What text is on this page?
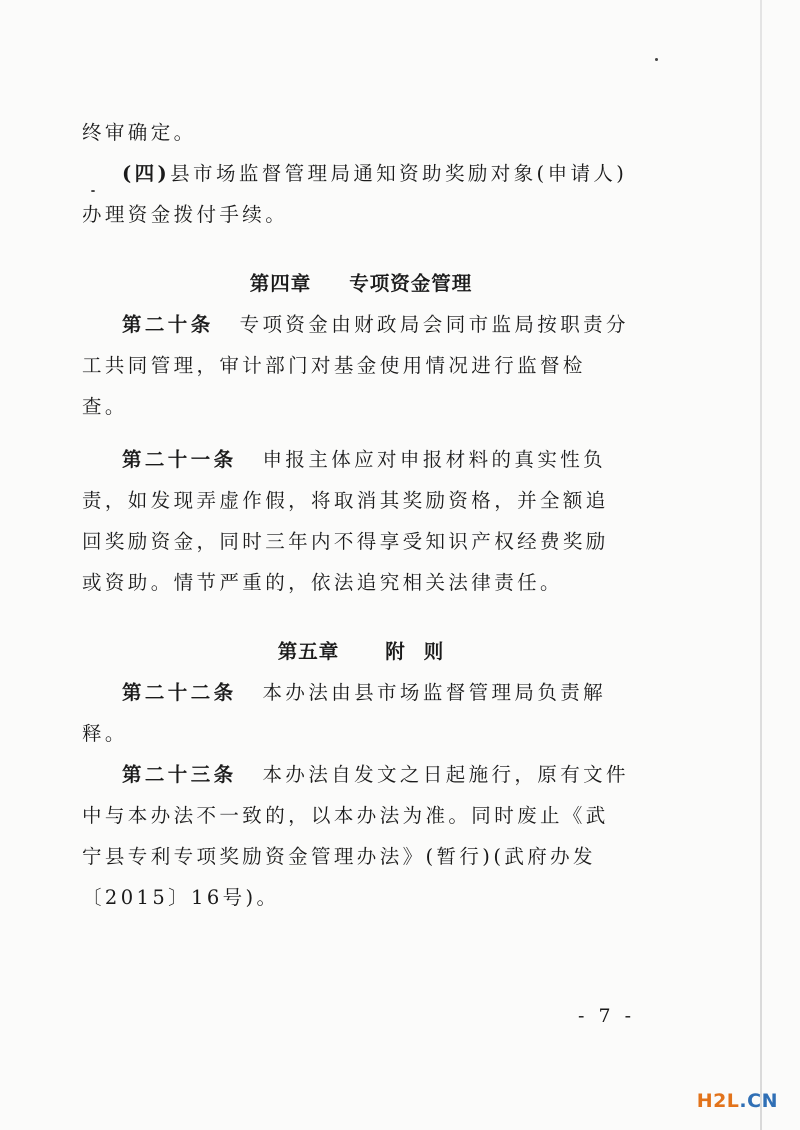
终审确定。

(四)县市场监督管理局通知资助奖励对象(申请人)办理资金拨付手续。

第四章 专项资金管理

第二十条 专项资金由财政局会同市监局按职责分工共同管理，审计部门对基金使用情况进行监督检查。

第二十一条 申报主体应对申报材料的真实性负责，如发现弄虚作假，将取消其奖励资格，并全额追回奖励资金，同时三年内不得享受知识产权经费奖励或资助。情节严重的，依法追究相关法律责任。

第五章 附 则

第二十二条 本办法由县市场监督管理局负责解释。

第二十三条 本办法自发文之日起施行，原有文件中与本办法不一致的，以本办法为准。同时废止《武宁县专利专项奖励资金管理办法》(暂行)(武府办发〔2015〕16号)。

- 7 -
H2L.CN
